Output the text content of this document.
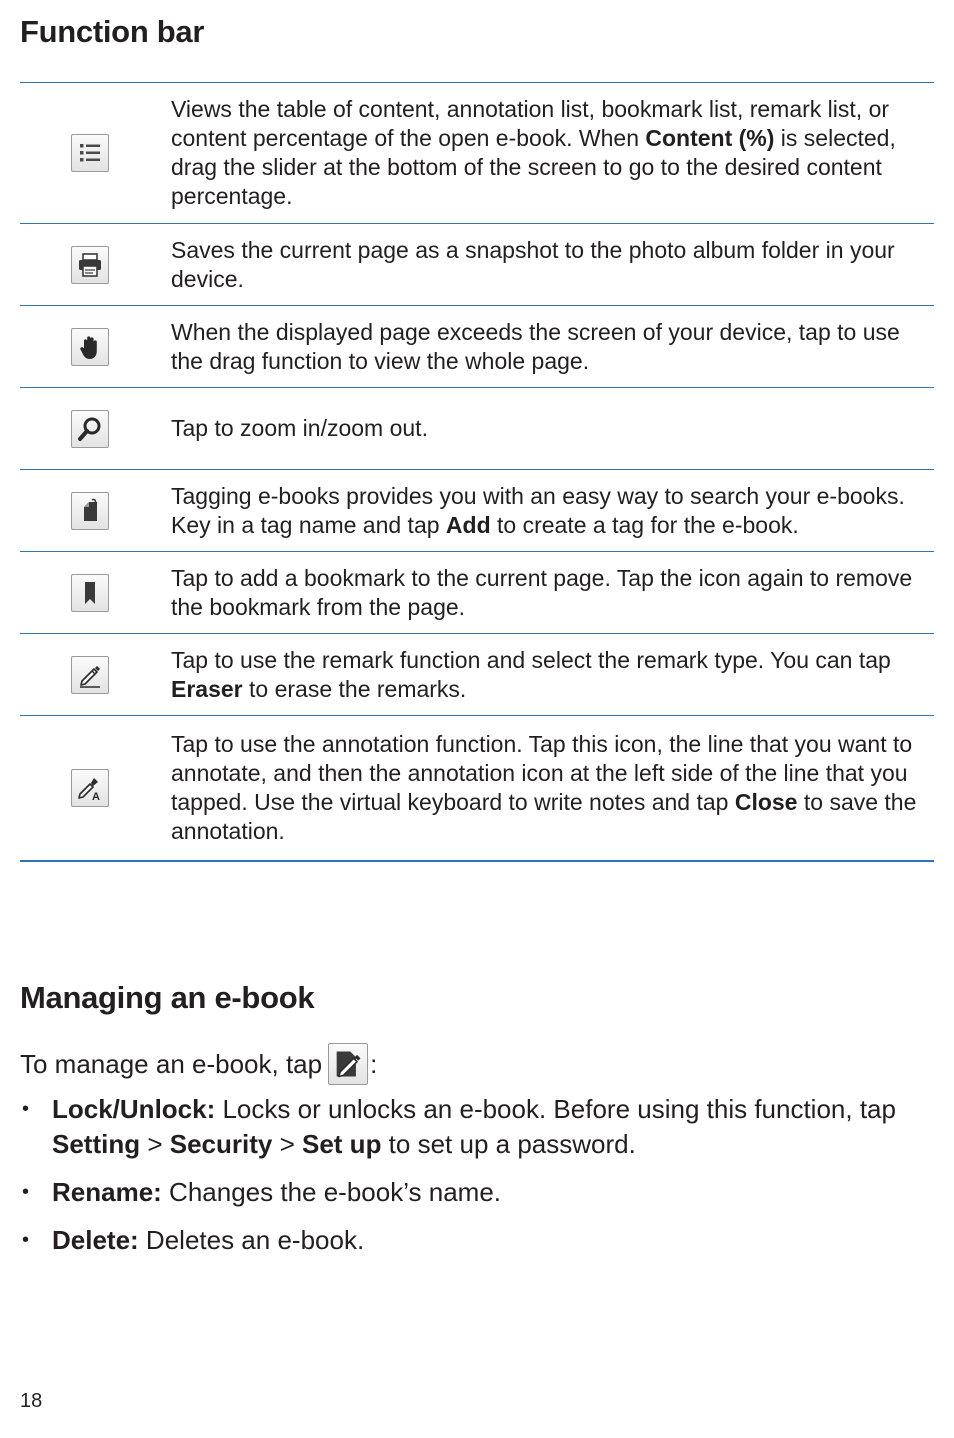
Function bar
Views the table of content, annotation list, bookmark list, remark list, or content percentage of the open e-book. When Content (%) is selected, drag the slider at the bottom of the screen to go to the desired content percentage.
Saves the current page as a snapshot to the photo album folder in your device.
When the displayed page exceeds the screen of your device, tap to use the drag function to view the whole page.
Tap to zoom in/zoom out.
Tagging e-books provides you with an easy way to search your e-books. Key in a tag name and tap Add to create a tag for the e-book.
Tap to add a bookmark to the current page. Tap the icon again to remove the bookmark from the page.
Tap to use the remark function and select the remark type. You can tap Eraser to erase the remarks.
A
Tap to use the annotation function. Tap this icon, the line that you want to annotate, and then the annotation icon at the left side of the line that you tapped. Use the virtual keyboard to write notes and tap Close to save the annotation.
Managing an e-book
To manage an e-book, tap :
• Lock/Unlock: Locks or unlocks an e-book. Before using this function, tap Setting > Security > Set up to set up a password.
• Rename: Changes the e-book’s name.
• Delete: Deletes an e-book.
18
